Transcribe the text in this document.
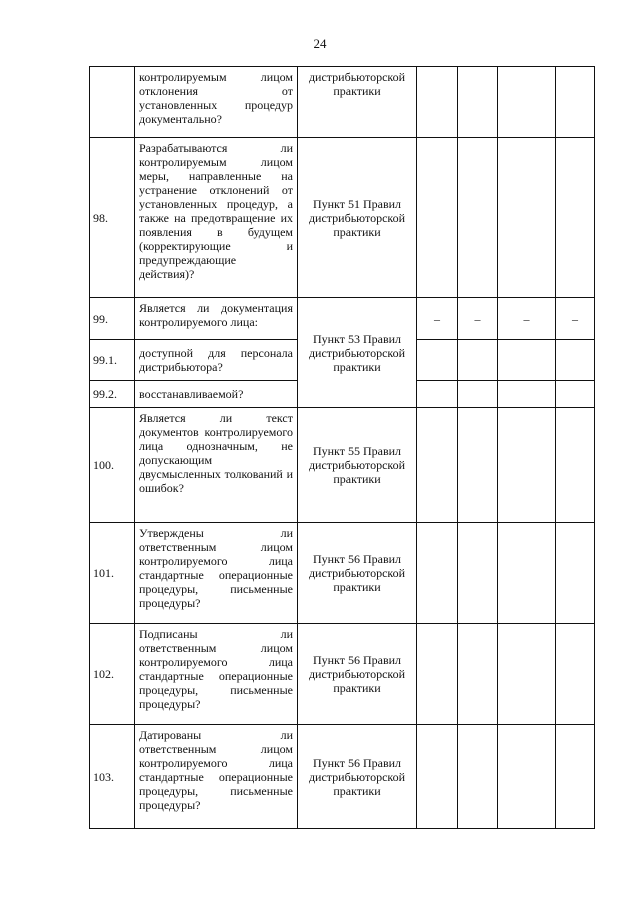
24
	контролируемым лицом отклонения от установленных процедур документально?	дистрибьюторской практики				
98.	Разрабатываются ли контролируемым лицом меры, направленные на устранение отклонений от установленных процедур, а также на предотвращение их появления в будущем (корректирующие и предупреждающие действия)?	Пункт 51 Правил дистрибьюторской практики				
99.	Является ли документация контролируемого лица:	Пункт 53 Правил дистрибьюторской практики	–	–	–	–
99.1.	доступной для персонала дистрибьютора?					
99.2.	восстанавливаемой?					
100.	Является ли текст документов контролируемого лица однозначным, не допускающим двусмысленных толкований и ошибок?	Пункт 55 Правил дистрибьюторской практики				
101.	Утверждены ли ответственным лицом контролируемого лица стандартные операционные процедуры, письменные процедуры?	Пункт 56 Правил дистрибьюторской практики				
102.	Подписаны ли ответственным лицом контролируемого лица стандартные операционные процедуры, письменные процедуры?	Пункт 56 Правил дистрибьюторской практики				
103.	Датированы ли ответственным лицом контролируемого лица стандартные операционные процедуры, письменные процедуры?	Пункт 56 Правил дистрибьюторской практики				
